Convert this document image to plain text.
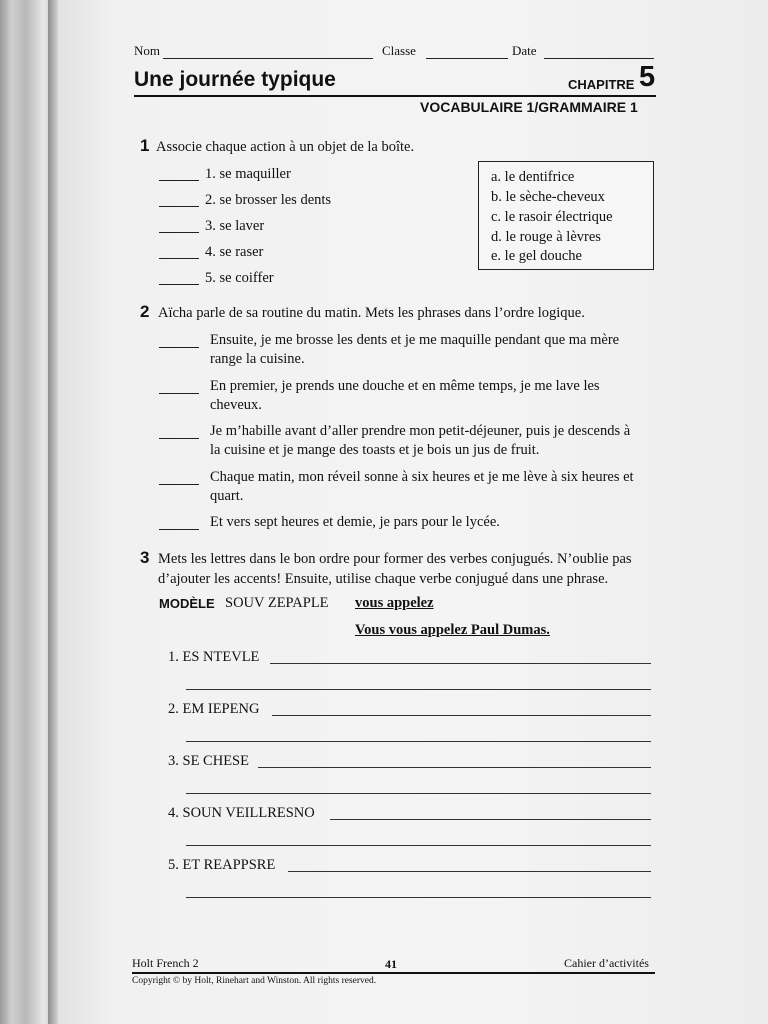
Nom	Classe	Date
Une journée typique	CHAPITRE 5
VOCABULAIRE 1/GRAMMAIRE 1
1 Associe chaque action à un objet de la boîte.
1. se maquiller
2. se brosser les dents
3. se laver
4. se raser
5. se coiffer
a. le dentifrice
b. le sèche-cheveux
c. le rasoir électrique
d. le rouge à lèvres
e. le gel douche
2 Aïcha parle de sa routine du matin. Mets les phrases dans l’ordre logique.
Ensuite, je me brosse les dents et je me maquille pendant que ma mère
range la cuisine.
En premier, je prends une douche et en même temps, je me lave les
cheveux.
Je m’habille avant d’aller prendre mon petit-déjeuner, puis je descends à
la cuisine et je mange des toasts et je bois un jus de fruit.
Chaque matin, mon réveil sonne à six heures et je me lève à six heures et
quart.
Et vers sept heures et demie, je pars pour le lycée.
3 Mets les lettres dans le bon ordre pour former des verbes conjugués. N’oublie pas
d’ajouter les accents! Ensuite, utilise chaque verbe conjugué dans une phrase.
MODÈLE SOUV ZEPAPLE vous appelez
Vous vous appelez Paul Dumas.
1. ES NTEVLE
2. EM IEPENG
3. SE CHESE
4. SOUN VEILLRESNO
5. ET REAPPSRE
Holt French 2	41	Cahier d’activités
Copyright © by Holt, Rinehart and Winston. All rights reserved.
